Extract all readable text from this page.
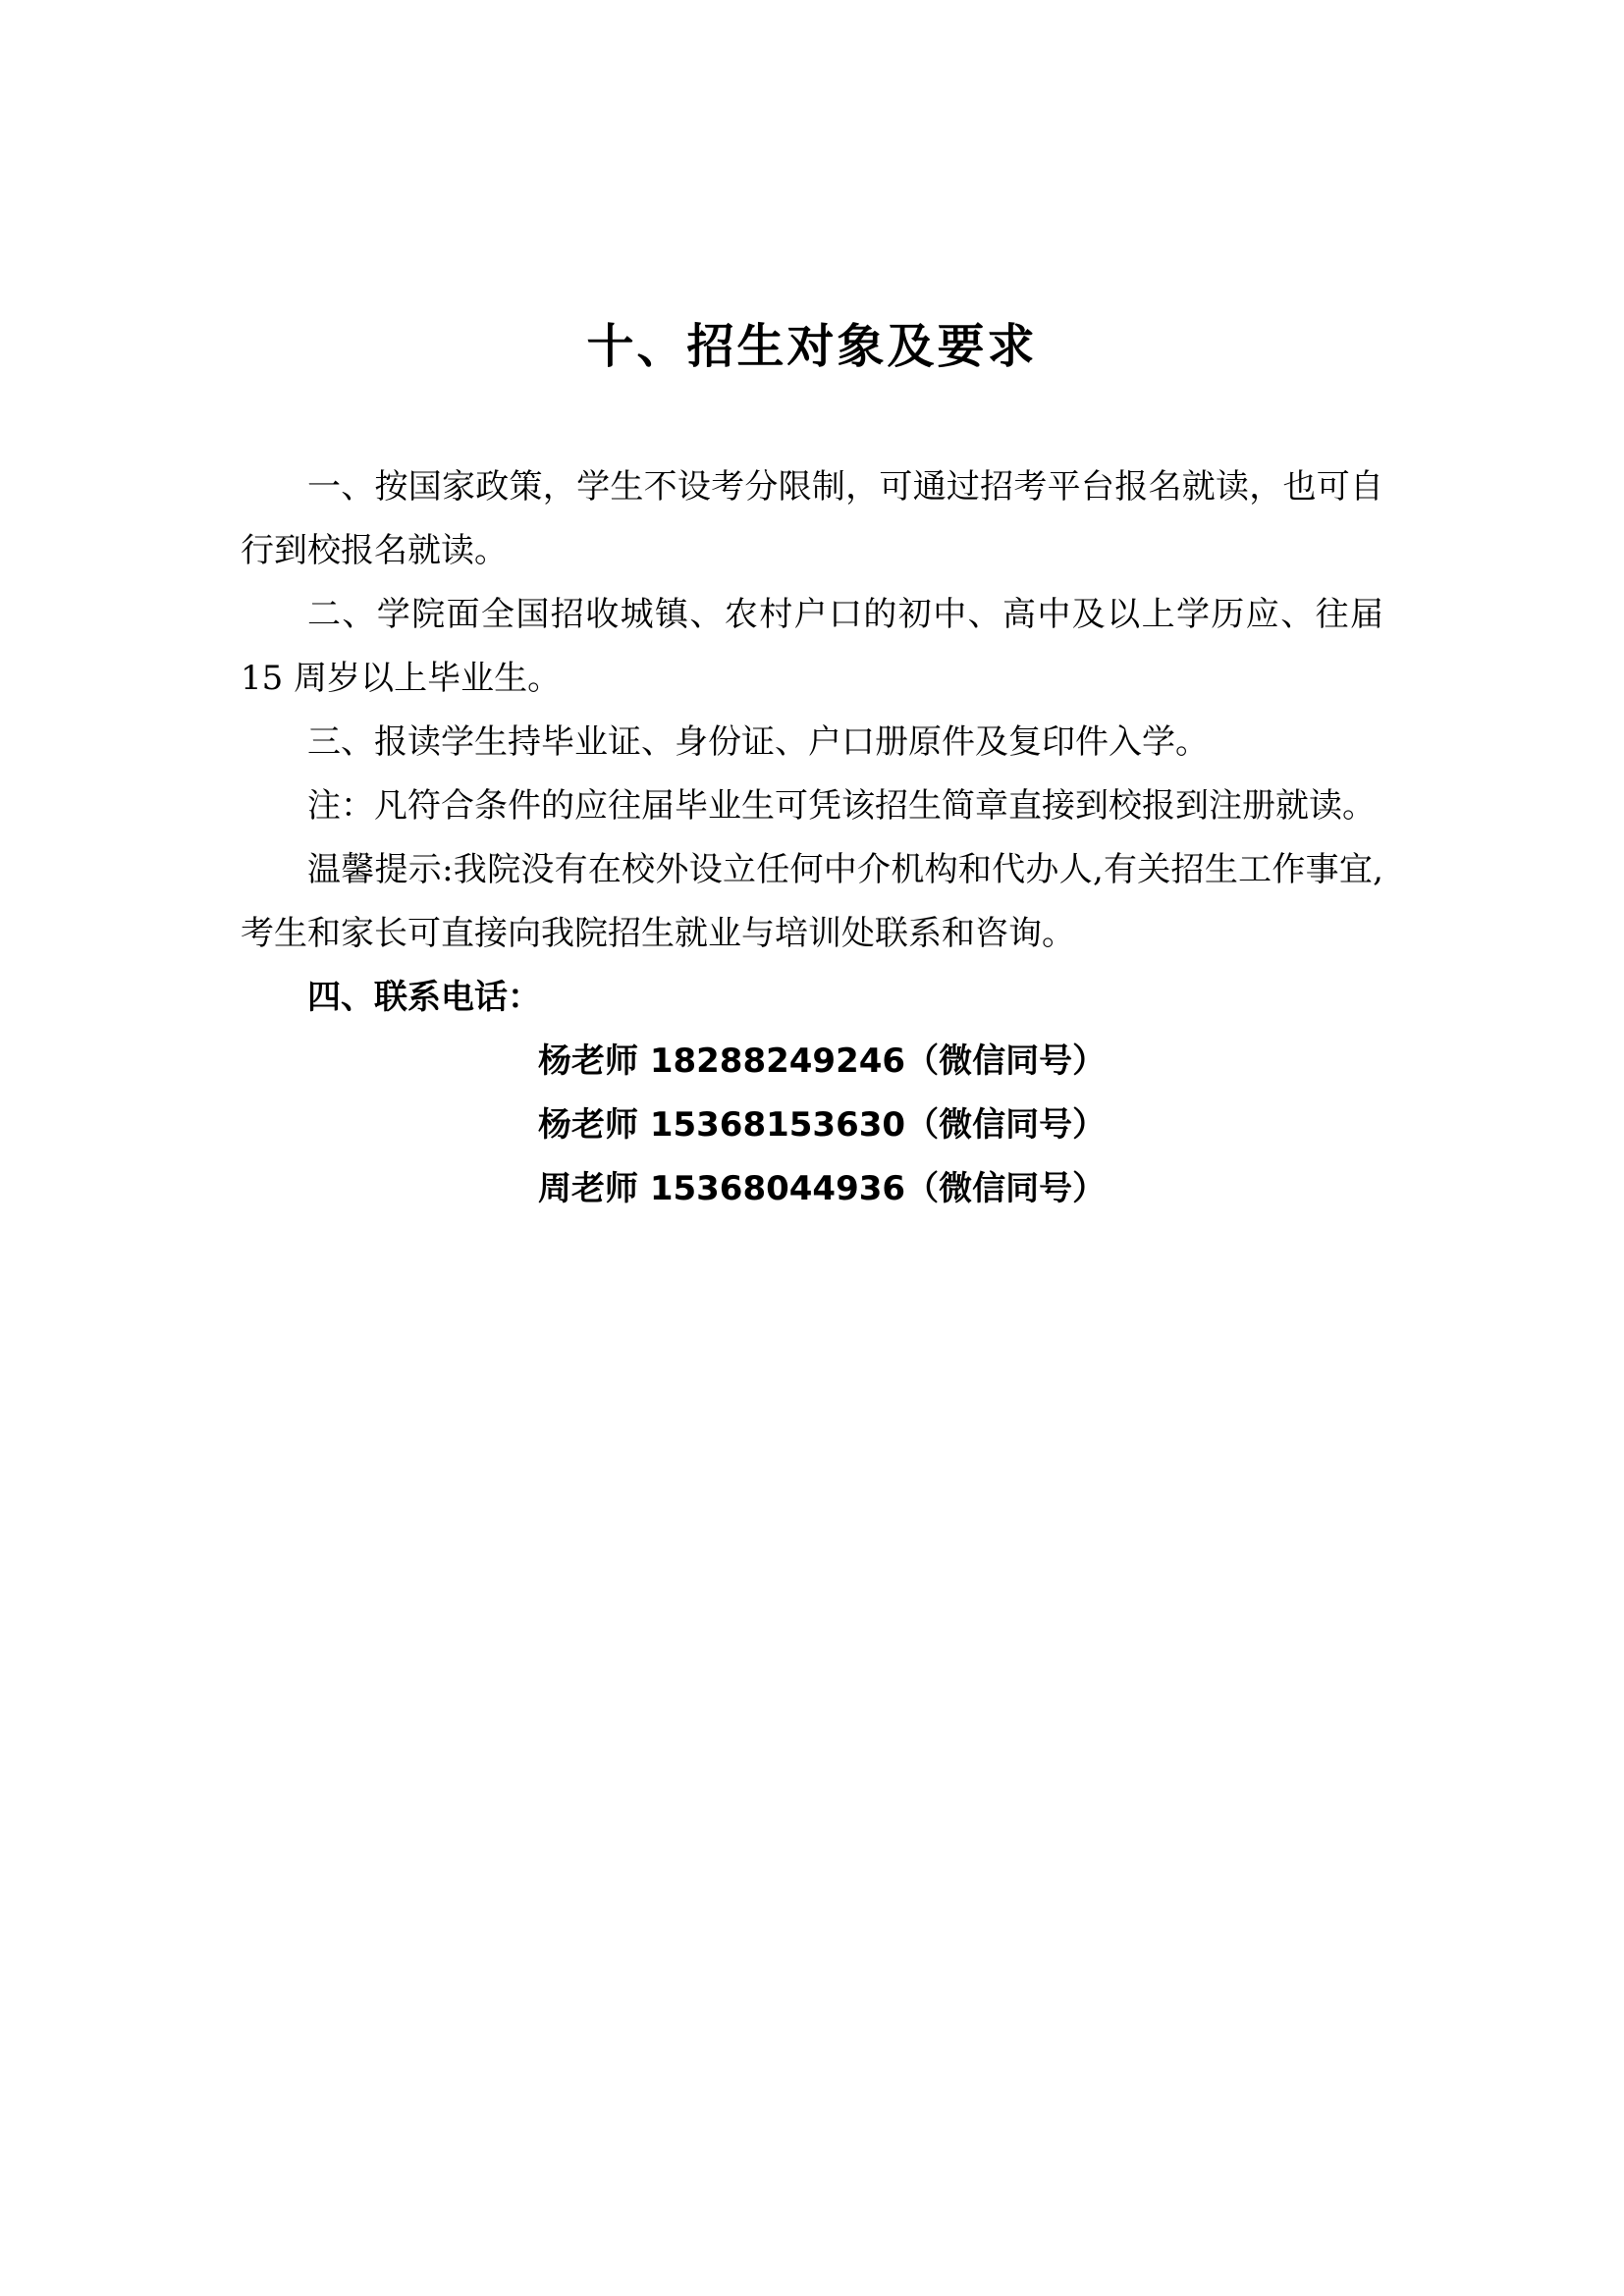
十、招生对象及要求

一、按国家政策，学生不设考分限制，可通过招考平台报名就读，也可自行到校报名就读。

二、学院面全国招收城镇、农村户口的初中、高中及以上学历应、往届 15 周岁以上毕业生。

三、报读学生持毕业证、身份证、户口册原件及复印件入学。

注：凡符合条件的应往届毕业生可凭该招生简章直接到校报到注册就读。

温馨提示:我院没有在校外设立任何中介机构和代办人,有关招生工作事宜,考生和家长可直接向我院招生就业与培训处联系和咨询。

四、联系电话：

杨老师 18288249246（微信同号）

杨老师 15368153630（微信同号）

周老师 15368044936（微信同号）
